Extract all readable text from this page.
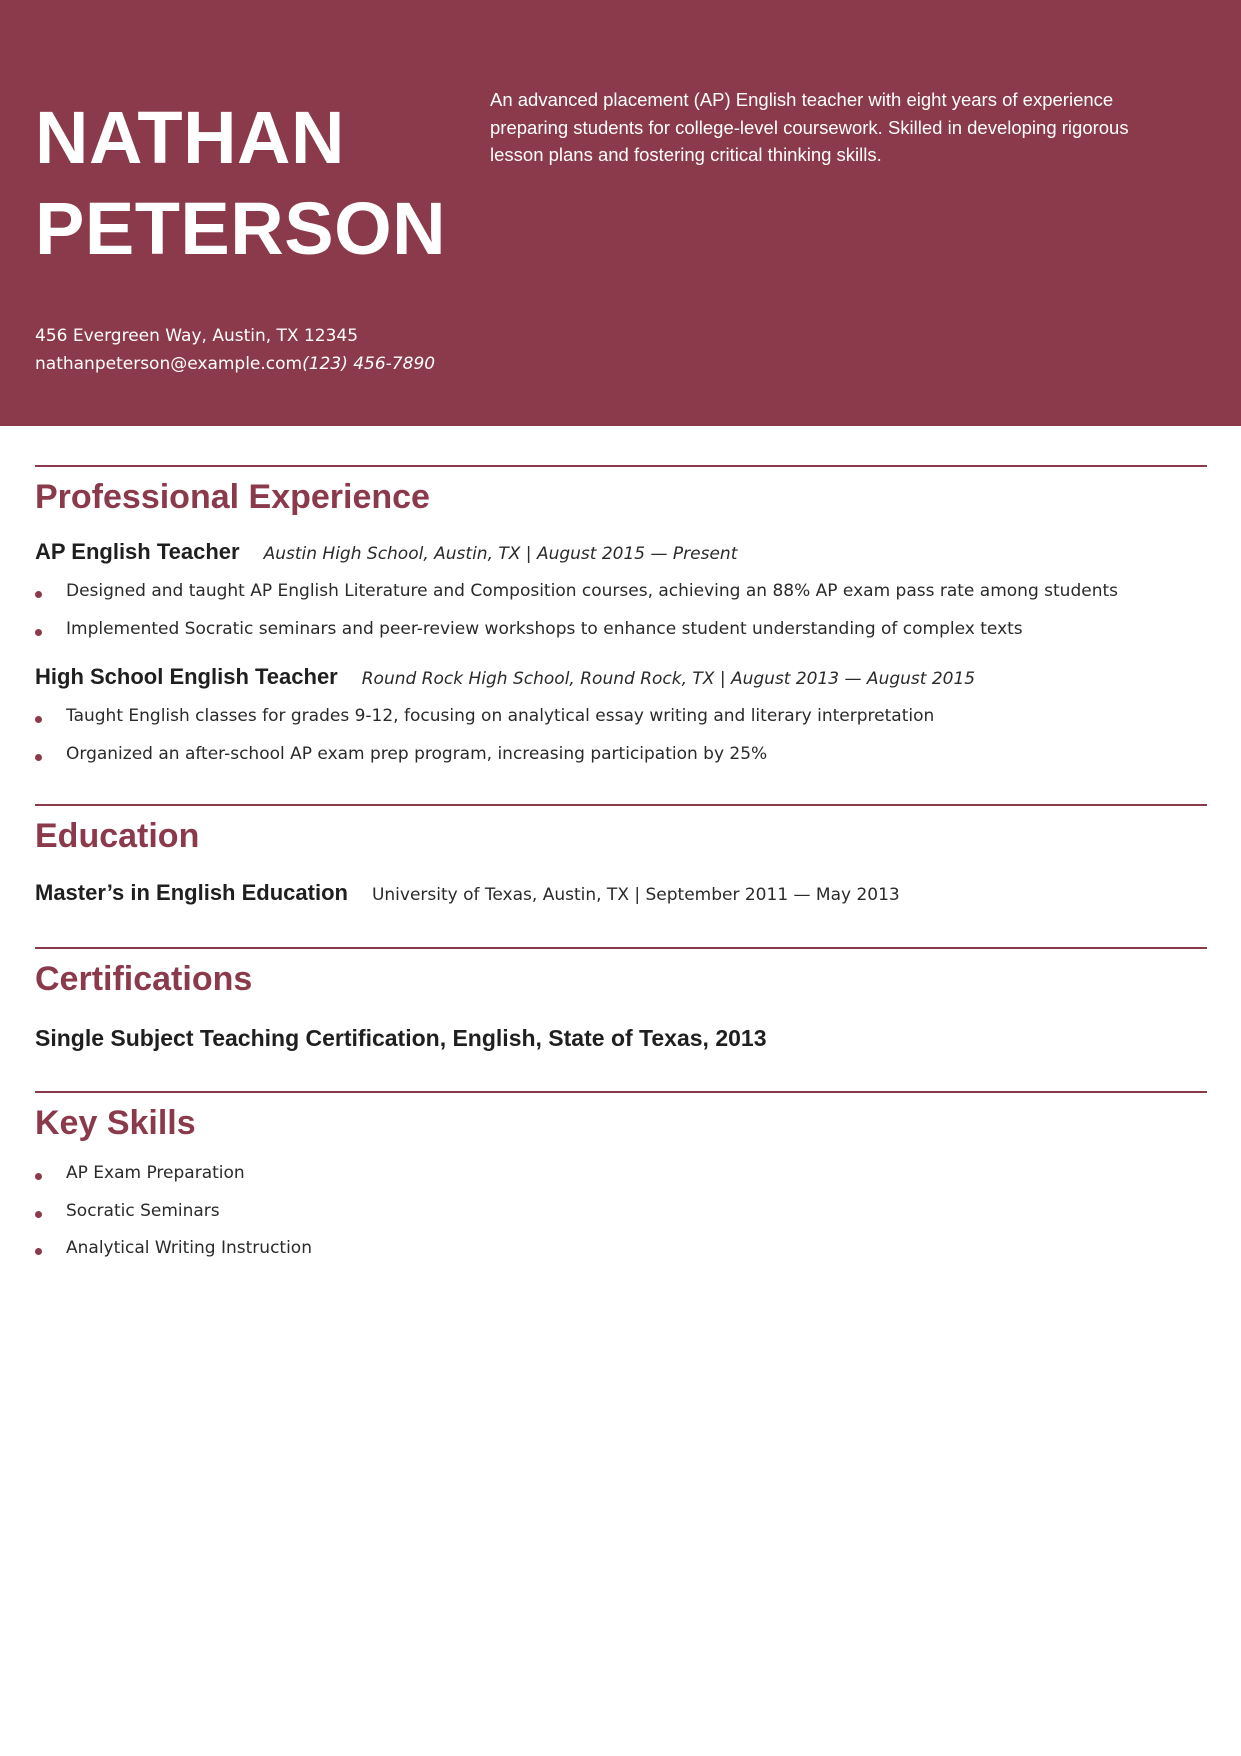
NATHAN
PETERSON

An advanced placement (AP) English teacher with eight years of experience preparing students for college-level coursework. Skilled in developing rigorous lesson plans and fostering critical thinking skills.

456 Evergreen Way, Austin, TX 12345
nathanpeterson@example.com(123) 456-7890
Professional Experience
AP English Teacher Austin High School, Austin, TX | August 2015 — Present
Designed and taught AP English Literature and Composition courses, achieving an 88% AP exam pass rate among students
Implemented Socratic seminars and peer-review workshops to enhance student understanding of complex texts
High School English Teacher Round Rock High School, Round Rock, TX | August 2013 — August 2015
Taught English classes for grades 9-12, focusing on analytical essay writing and literary interpretation
Organized an after-school AP exam prep program, increasing participation by 25%
Education
Master’s in English Education University of Texas, Austin, TX | September 2011 — May 2013
Certifications
Single Subject Teaching Certification, English, State of Texas, 2013
Key Skills
AP Exam Preparation
Socratic Seminars
Analytical Writing Instruction
